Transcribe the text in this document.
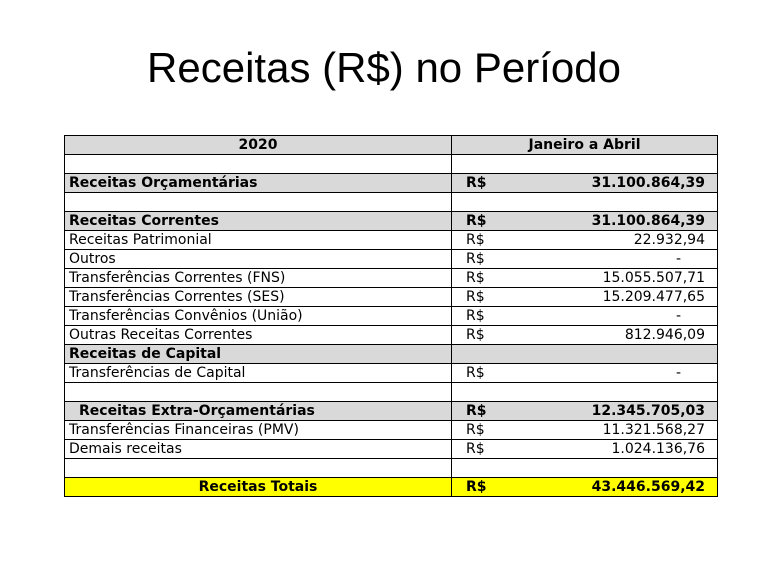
Receitas (R$) no Período
2020	Janeiro a Abril	

Receitas Orçamentárias	R$	31.100.864,39

Receitas Correntes	R$	31.100.864,39
Receitas Patrimonial	R$	22.932,94
Outros	R$	-
Transferências Correntes (FNS)	R$	15.055.507,71
Transferências Correntes (SES)	R$	15.209.477,65
Transferências Convênios (União)	R$	-
Outras Receitas Correntes	R$	812.946,09
Receitas de Capital		
Transferências de Capital	R$	-

Receitas Extra-Orçamentárias	R$	12.345.705,03
Transferências Financeiras (PMV)	R$	11.321.568,27
Demais receitas	R$	1.024.136,76

Receitas Totais	R$	43.446.569,42
